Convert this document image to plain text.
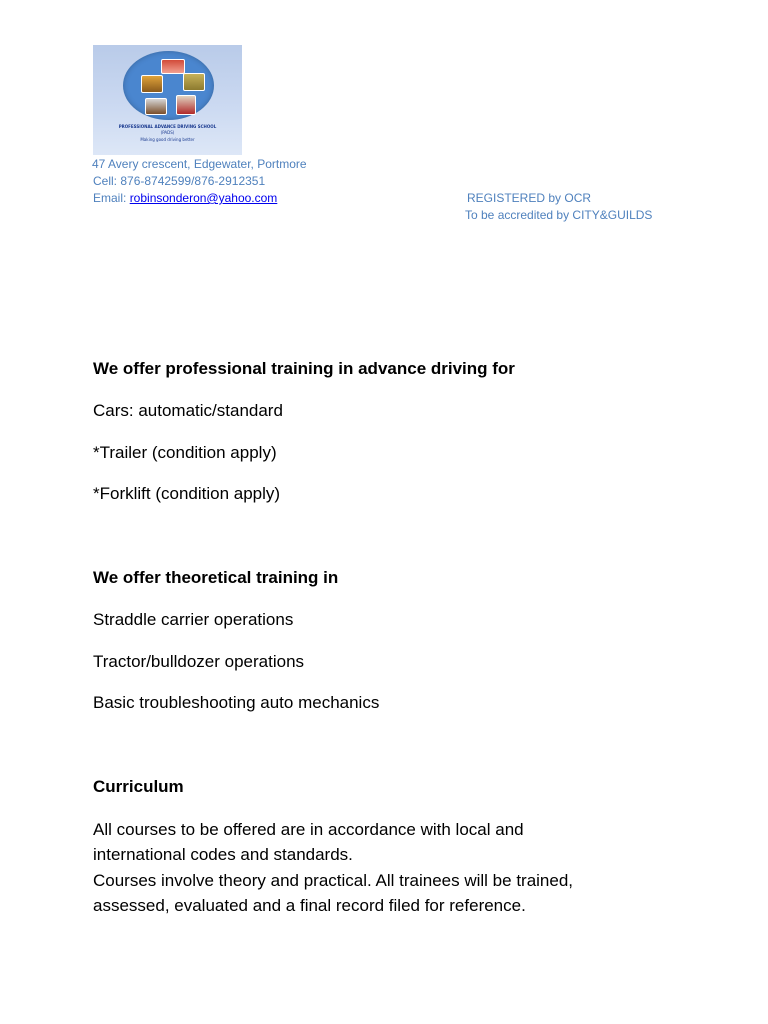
PROFESSIONAL ADVANCE DRIVING SCHOOL
(PADS)
Making good driving better
47 Avery crescent, Edgewater, Portmore
Cell: 876-8742599/876-2912351
Email: robinsonderon@yahoo.com	REGISTERED by OCR
To be accredited by CITY&GUILDS
We offer professional training in advance driving for
Cars: automatic/standard
*Trailer (condition apply)
*Forklift (condition apply)
We offer theoretical training in
Straddle carrier operations
Tractor/bulldozer operations
Basic troubleshooting auto mechanics
Curriculum
All courses to be offered are in accordance with local and international codes and standards.
Courses involve theory and practical. All trainees will be trained, assessed, evaluated and a final record filed for reference.
